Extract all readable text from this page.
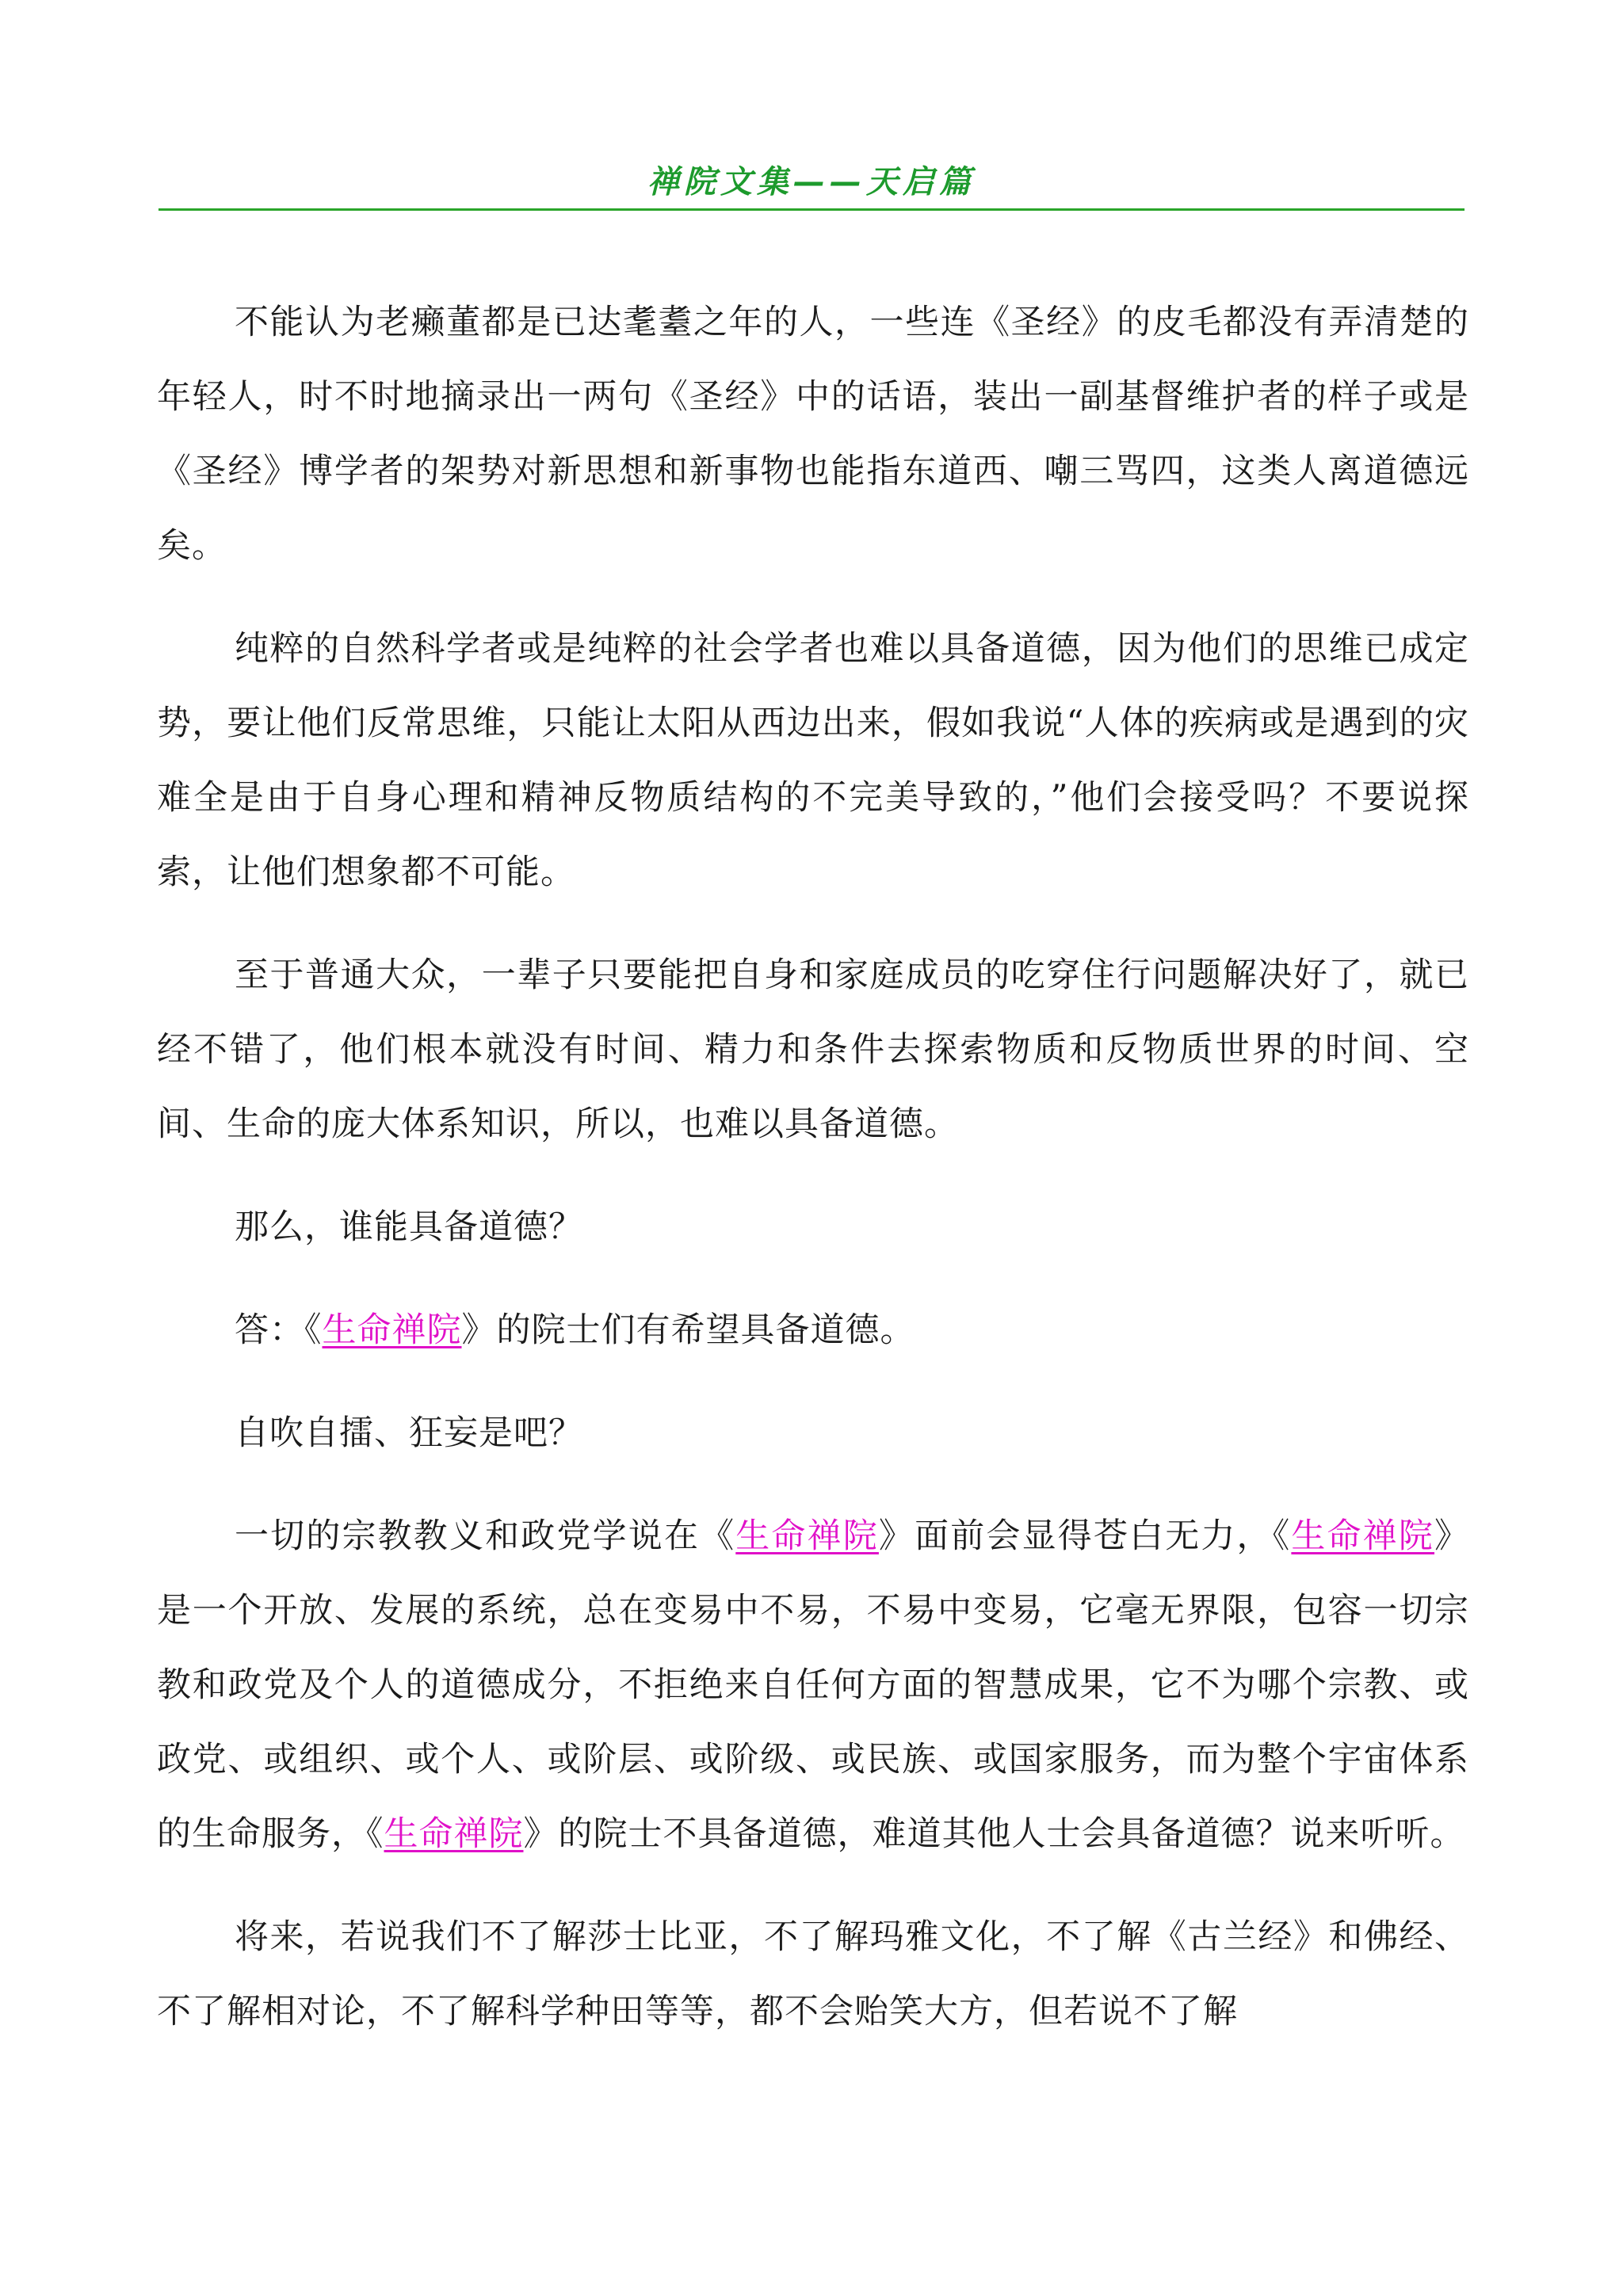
禅院文集——天启篇

不能认为老癞董都是已达耄耋之年的人，一些连《圣经》的皮毛都没有弄清楚的年轻人，时不时地摘录出一两句《圣经》中的话语，装出一副基督维护者的样子或是《圣经》博学者的架势对新思想和新事物也能指东道西、嘲三骂四，这类人离道德远矣。

纯粹的自然科学者或是纯粹的社会学者也难以具备道德，因为他们的思维已成定势，要让他们反常思维，只能让太阳从西边出来，假如我说“人体的疾病或是遇到的灾难全是由于自身心理和精神反物质结构的不完美导致的，”他们会接受吗？不要说探索，让他们想象都不可能。

至于普通大众，一辈子只要能把自身和家庭成员的吃穿住行问题解决好了，就已经不错了，他们根本就没有时间、精力和条件去探索物质和反物质世界的时间、空间、生命的庞大体系知识，所以，也难以具备道德。

那么，谁能具备道德？

答：《生命禅院》的院士们有希望具备道德。

自吹自擂、狂妄是吧？

一切的宗教教义和政党学说在《生命禅院》面前会显得苍白无力，《生命禅院》是一个开放、发展的系统，总在变易中不易，不易中变易，它毫无界限，包容一切宗教和政党及个人的道德成分，不拒绝来自任何方面的智慧成果，它不为哪个宗教、或政党、或组织、或个人、或阶层、或阶级、或民族、或国家服务，而为整个宇宙体系的生命服务，《生命禅院》的院士不具备道德，难道其他人士会具备道德？说来听听。

将来，若说我们不了解莎士比亚，不了解玛雅文化，不了解《古兰经》和佛经、不了解相对论，不了解科学种田等等，都不会贻笑大方，但若说不了解
